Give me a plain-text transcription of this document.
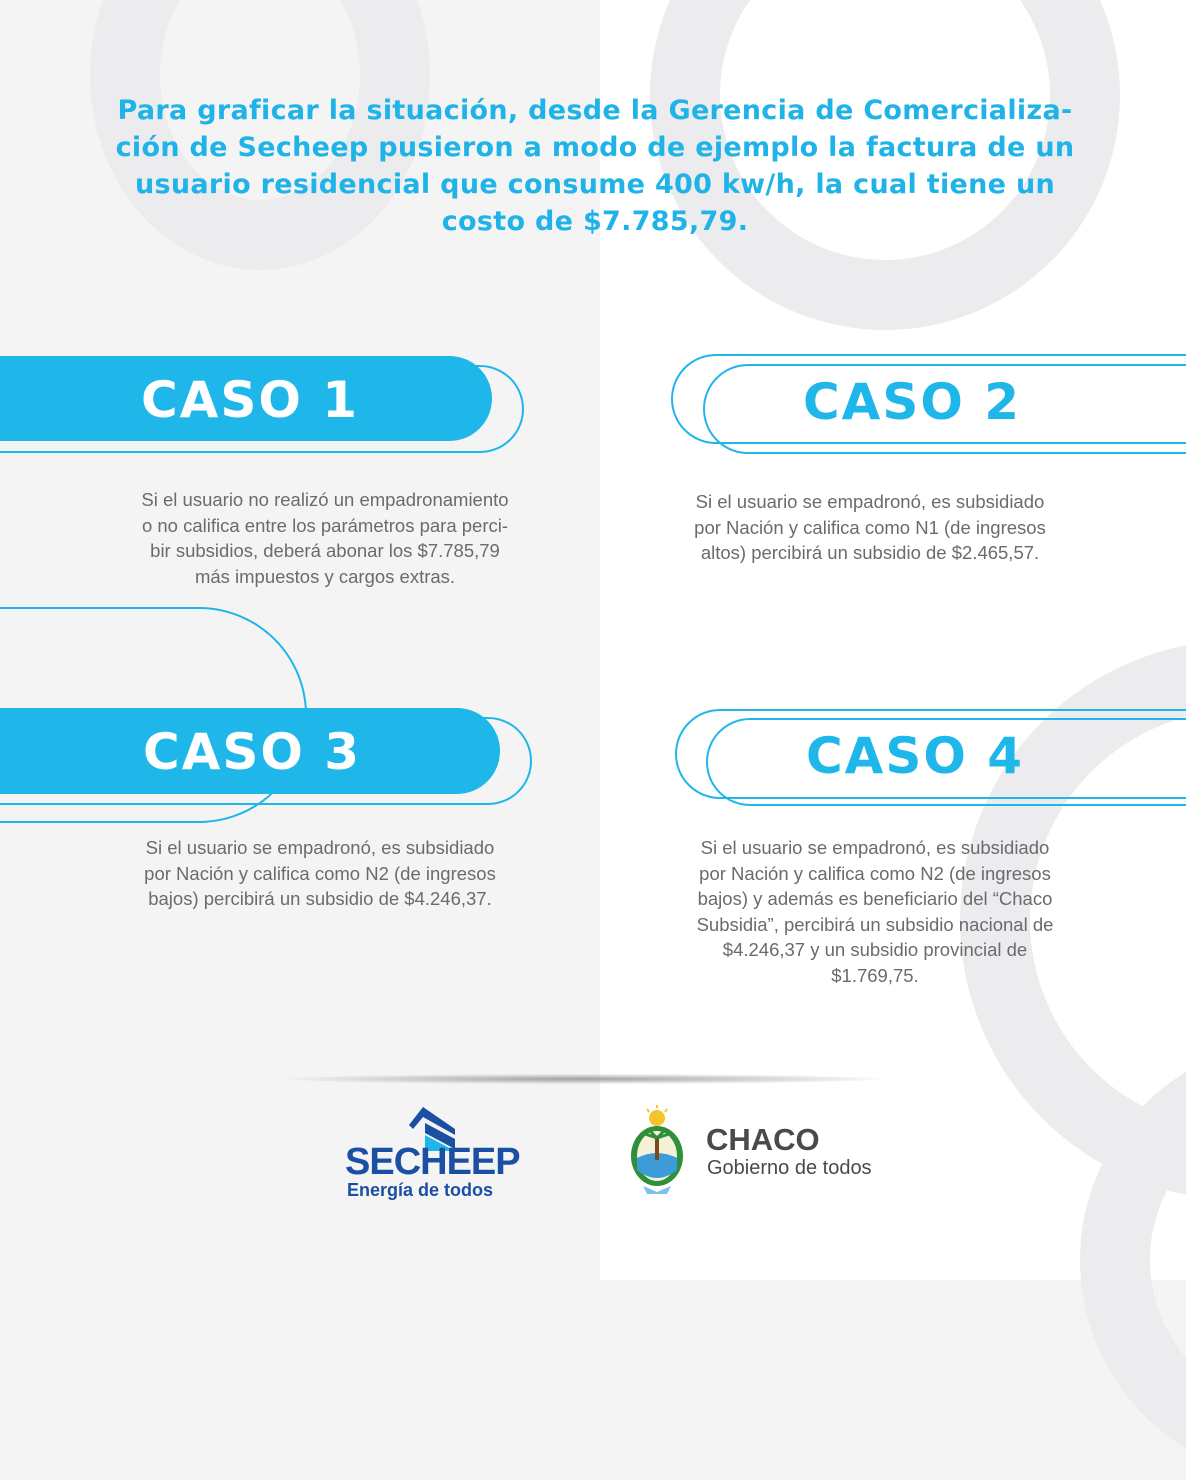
Para graficar la situación, desde la Gerencia de Comercializa-ción de Secheep pusieron a modo de ejemplo la factura de un usuario residencial que consume 400 kw/h, la cual tiene un costo de $7.785,79.
CASO 1
Si el usuario no realizó un empadronamiento
o no califica entre los parámetros para perci-
bir subsidios, deberá abonar los $7.785,79
más impuestos y cargos extras.
CASO 2
Si el usuario se empadronó, es subsidiado
por Nación y califica como N1 (de ingresos
altos) percibirá un subsidio de $2.465,57.
CASO 3
Si el usuario se empadronó, es subsidiado
por Nación y califica como N2 (de ingresos
bajos) percibirá un subsidio de $4.246,37.
CASO 4
Si el usuario se empadronó, es subsidiado
por Nación y califica como N2 (de ingresos
bajos) y además es beneficiario del “Chaco
Subsidia”, percibirá un subsidio nacional de
$4.246,37 y un subsidio provincial de
$1.769,75.
SECHEEP
Energía de todos
CHACO
Gobierno de todos
